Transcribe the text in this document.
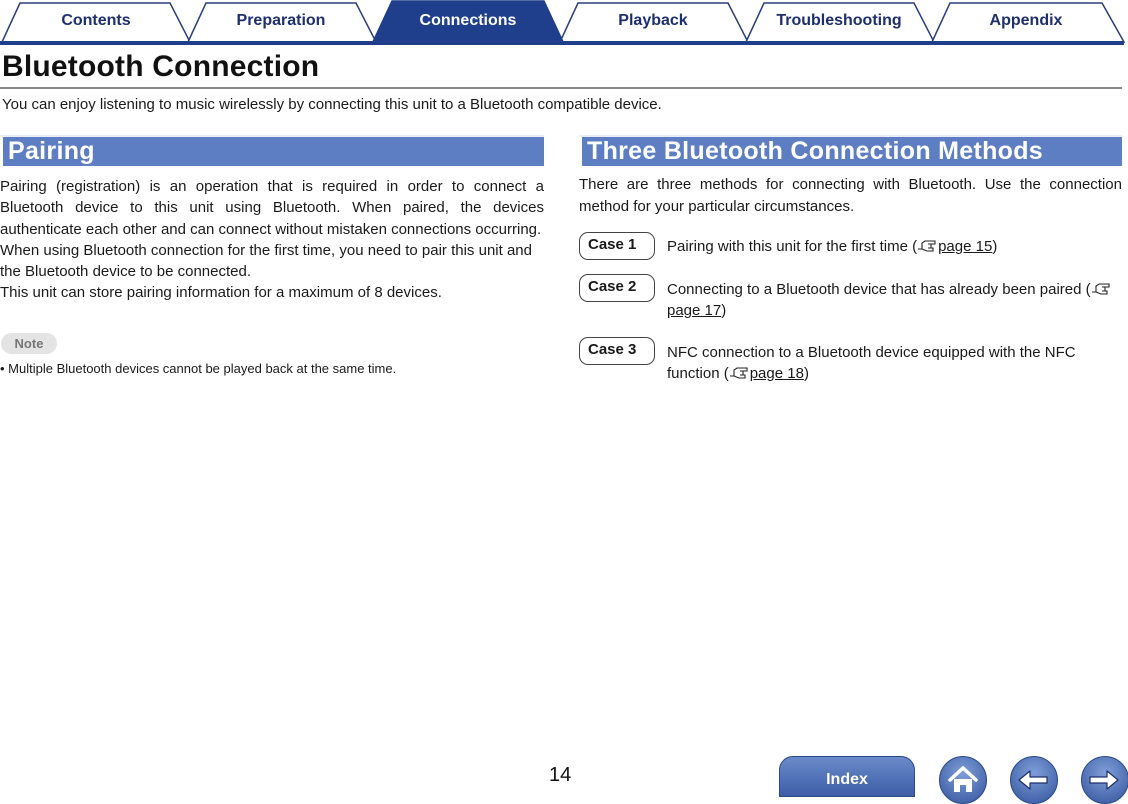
Contents	Preparation	Connections	Playback	Troubleshooting	Appendix
Bluetooth Connection
You can enjoy listening to music wirelessly by connecting this unit to a Bluetooth compatible device.
Pairing

Pairing (registration) is an operation that is required in order to connect a Bluetooth device to this unit using Bluetooth. When paired, the devices authenticate each other and can connect without mistaken connections occurring.

When using Bluetooth connection for the first time, you need to pair this unit and the Bluetooth device to be connected.

This unit can store pairing information for a maximum of 8 devices.

Note
• Multiple Bluetooth devices cannot be played back at the same time.
Three Bluetooth Connection Methods
There are three methods for connecting with Bluetooth. Use the connection method for your particular circumstances.
Case 1	Pairing with this unit for the first time ( page 15)
Case 2	Connecting to a Bluetooth device that has already been paired (page 17)
Case 3	NFC connection to a Bluetooth device equipped with the NFC function ( page 18)
14	Index
